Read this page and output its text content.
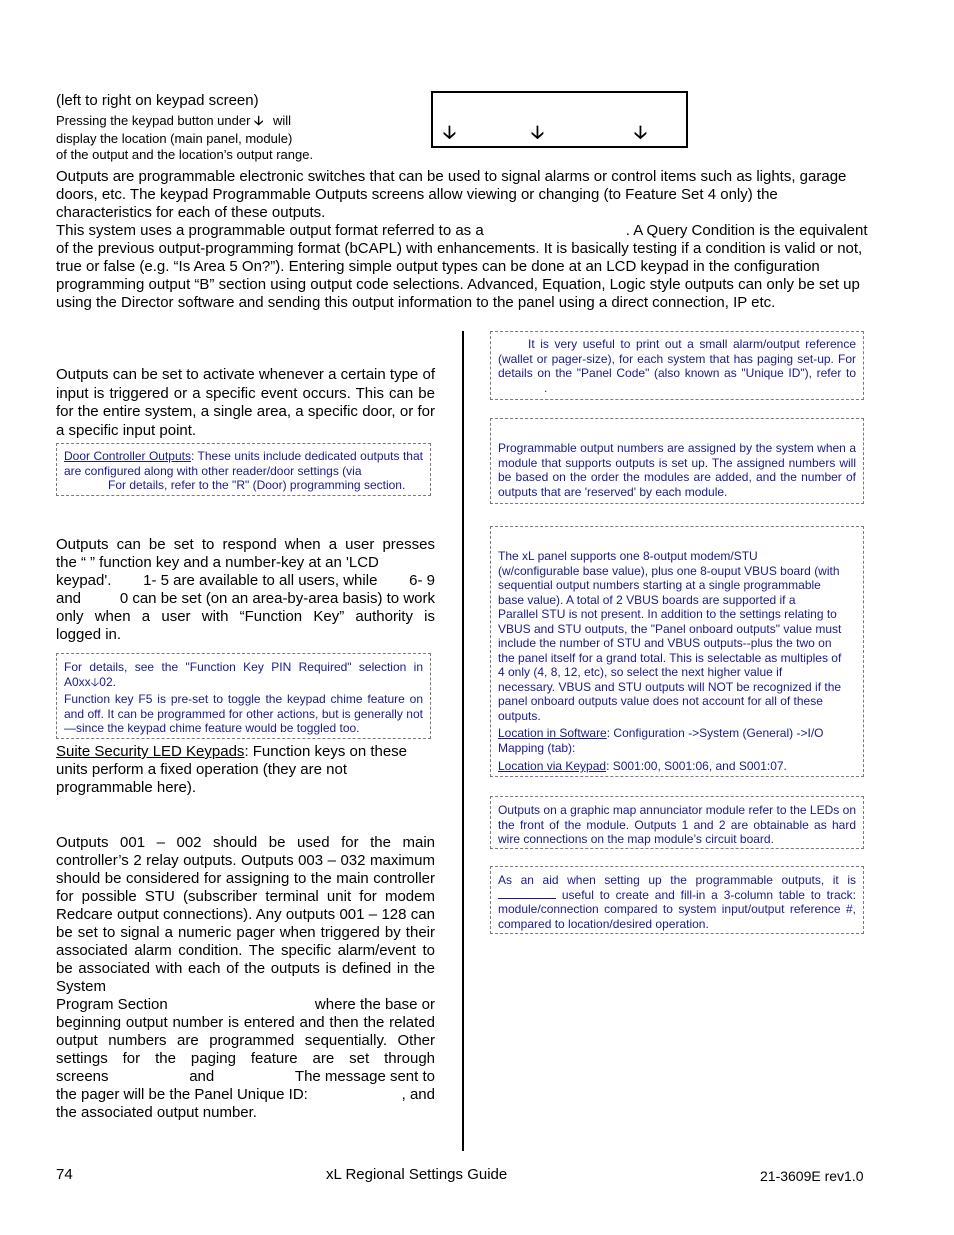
(left to right on keypad screen)
Pressing the keypad button under 🡣 will
display the location (main panel, module)
of the output and the location’s output range.
🡣	🡣	🡣

Outputs are programmable electronic switches that can be used to signal alarms or control items such as lights, garage doors, etc. The keypad Programmable Outputs screens allow viewing or changing (to Feature Set 4 only) the characteristics for each of these outputs.

This system uses a programmable output format referred to as a	. A Query Condition is the equivalent of the previous output-programming format (bCAPL) with enhancements. It is basically testing if a condition is valid or not, true or false (e.g. “Is Area 5 On?”). Entering simple output types can be done at an LCD keypad in the configuration programming output “B” section using output code selections. Advanced, Equation, Logic style outputs can only be set up using the Director software and sending this output information to the panel using a direct connection, IP etc.

Outputs can be set to activate whenever a certain type of input is triggered or a specific event occurs. This can be for the entire system, a single area, a specific door, or for a specific input point.

Door Controller Outputs: These units include dedicated outputs that are configured along with other reader/door settings (via

For details, refer to the "R" (Door) programming section.

Outputs can be set to respond when a user presses
the “ ” function key and a number-key at an 'LCD
keypad'. 1- 5 are available to all users, while 6- 9
and	0 can be set (on an area-by-area basis) to work
only when a user with “Function Key” authority is
logged in.

For details, see the "Function Key PIN Required" selection in A0xx🡣02.

Function key F5 is pre-set to toggle the keypad chime feature on and off. It can be programmed for other actions, but is generally not—since the keypad chime feature would be toggled too.

Suite Security LED Keypads: Function keys on these units perform a fixed operation (they are not programmable here).

Outputs 001 – 002 should be used for the main controller’s 2 relay outputs. Outputs 003 – 032 maximum should be considered for assigning to the main controller for possible STU (subscriber terminal unit for modem Redcare output connections). Any outputs 001 – 128 can be set to signal a numeric pager when triggered by their associated alarm condition. The specific alarm/event to be associated with each of the outputs is defined in the System
Program Section	where the base or
beginning output number is entered and then the related output numbers are programmed sequentially. Other settings for the paging feature are set through
screens	and	The message sent to
the pager will be the Panel Unique ID:	, and
the associated output number.

It is very useful to print out a small alarm/output reference (wallet or pager-size), for each system that has paging set-up. For details on the "Panel Code" (also known as "Unique ID"), refer to.

Programmable output numbers are assigned by the system when a module that supports outputs is set up. The assigned numbers will be based on the order the modules are added, and the number of outputs that are 'reserved' by each module.

The xL panel supports one 8-output modem/STU

(w/configurable base value), plus one 8-ouput VBUS board (with

sequential output numbers starting at a single programmable

base value). A total of 2 VBUS boards are supported if a

Parallel STU is not present. In addition to the settings relating to

VBUS and STU outputs, the "Panel onboard outputs" value must

include the number of STU and VBUS outputs--plus the two on

the panel itself for a grand total. This is selectable as multiples of

4 only (4, 8, 12, etc), so select the next higher value if

necessary. VBUS and STU outputs will NOT be recognized if the

panel onboard outputs value does not account for all of these

outputs.

Location in Software: Configuration ->System (General) ->I/O Mapping (tab):

Location via Keypad: S001:00, S001:06, and S001:07.

Outputs on a graphic map annunciator module refer to the LEDs on the front of the module. Outputs 1 and 2 are obtainable as hard wire connections on the map module’s circuit board.

As an aid when setting up the programmable outputs, it is

useful to create and fill-in a 3-column table to track: module/connection compared to system input/output reference #, compared to location/desired operation.

74	xL Regional Settings Guide	21-3609E rev1.0
